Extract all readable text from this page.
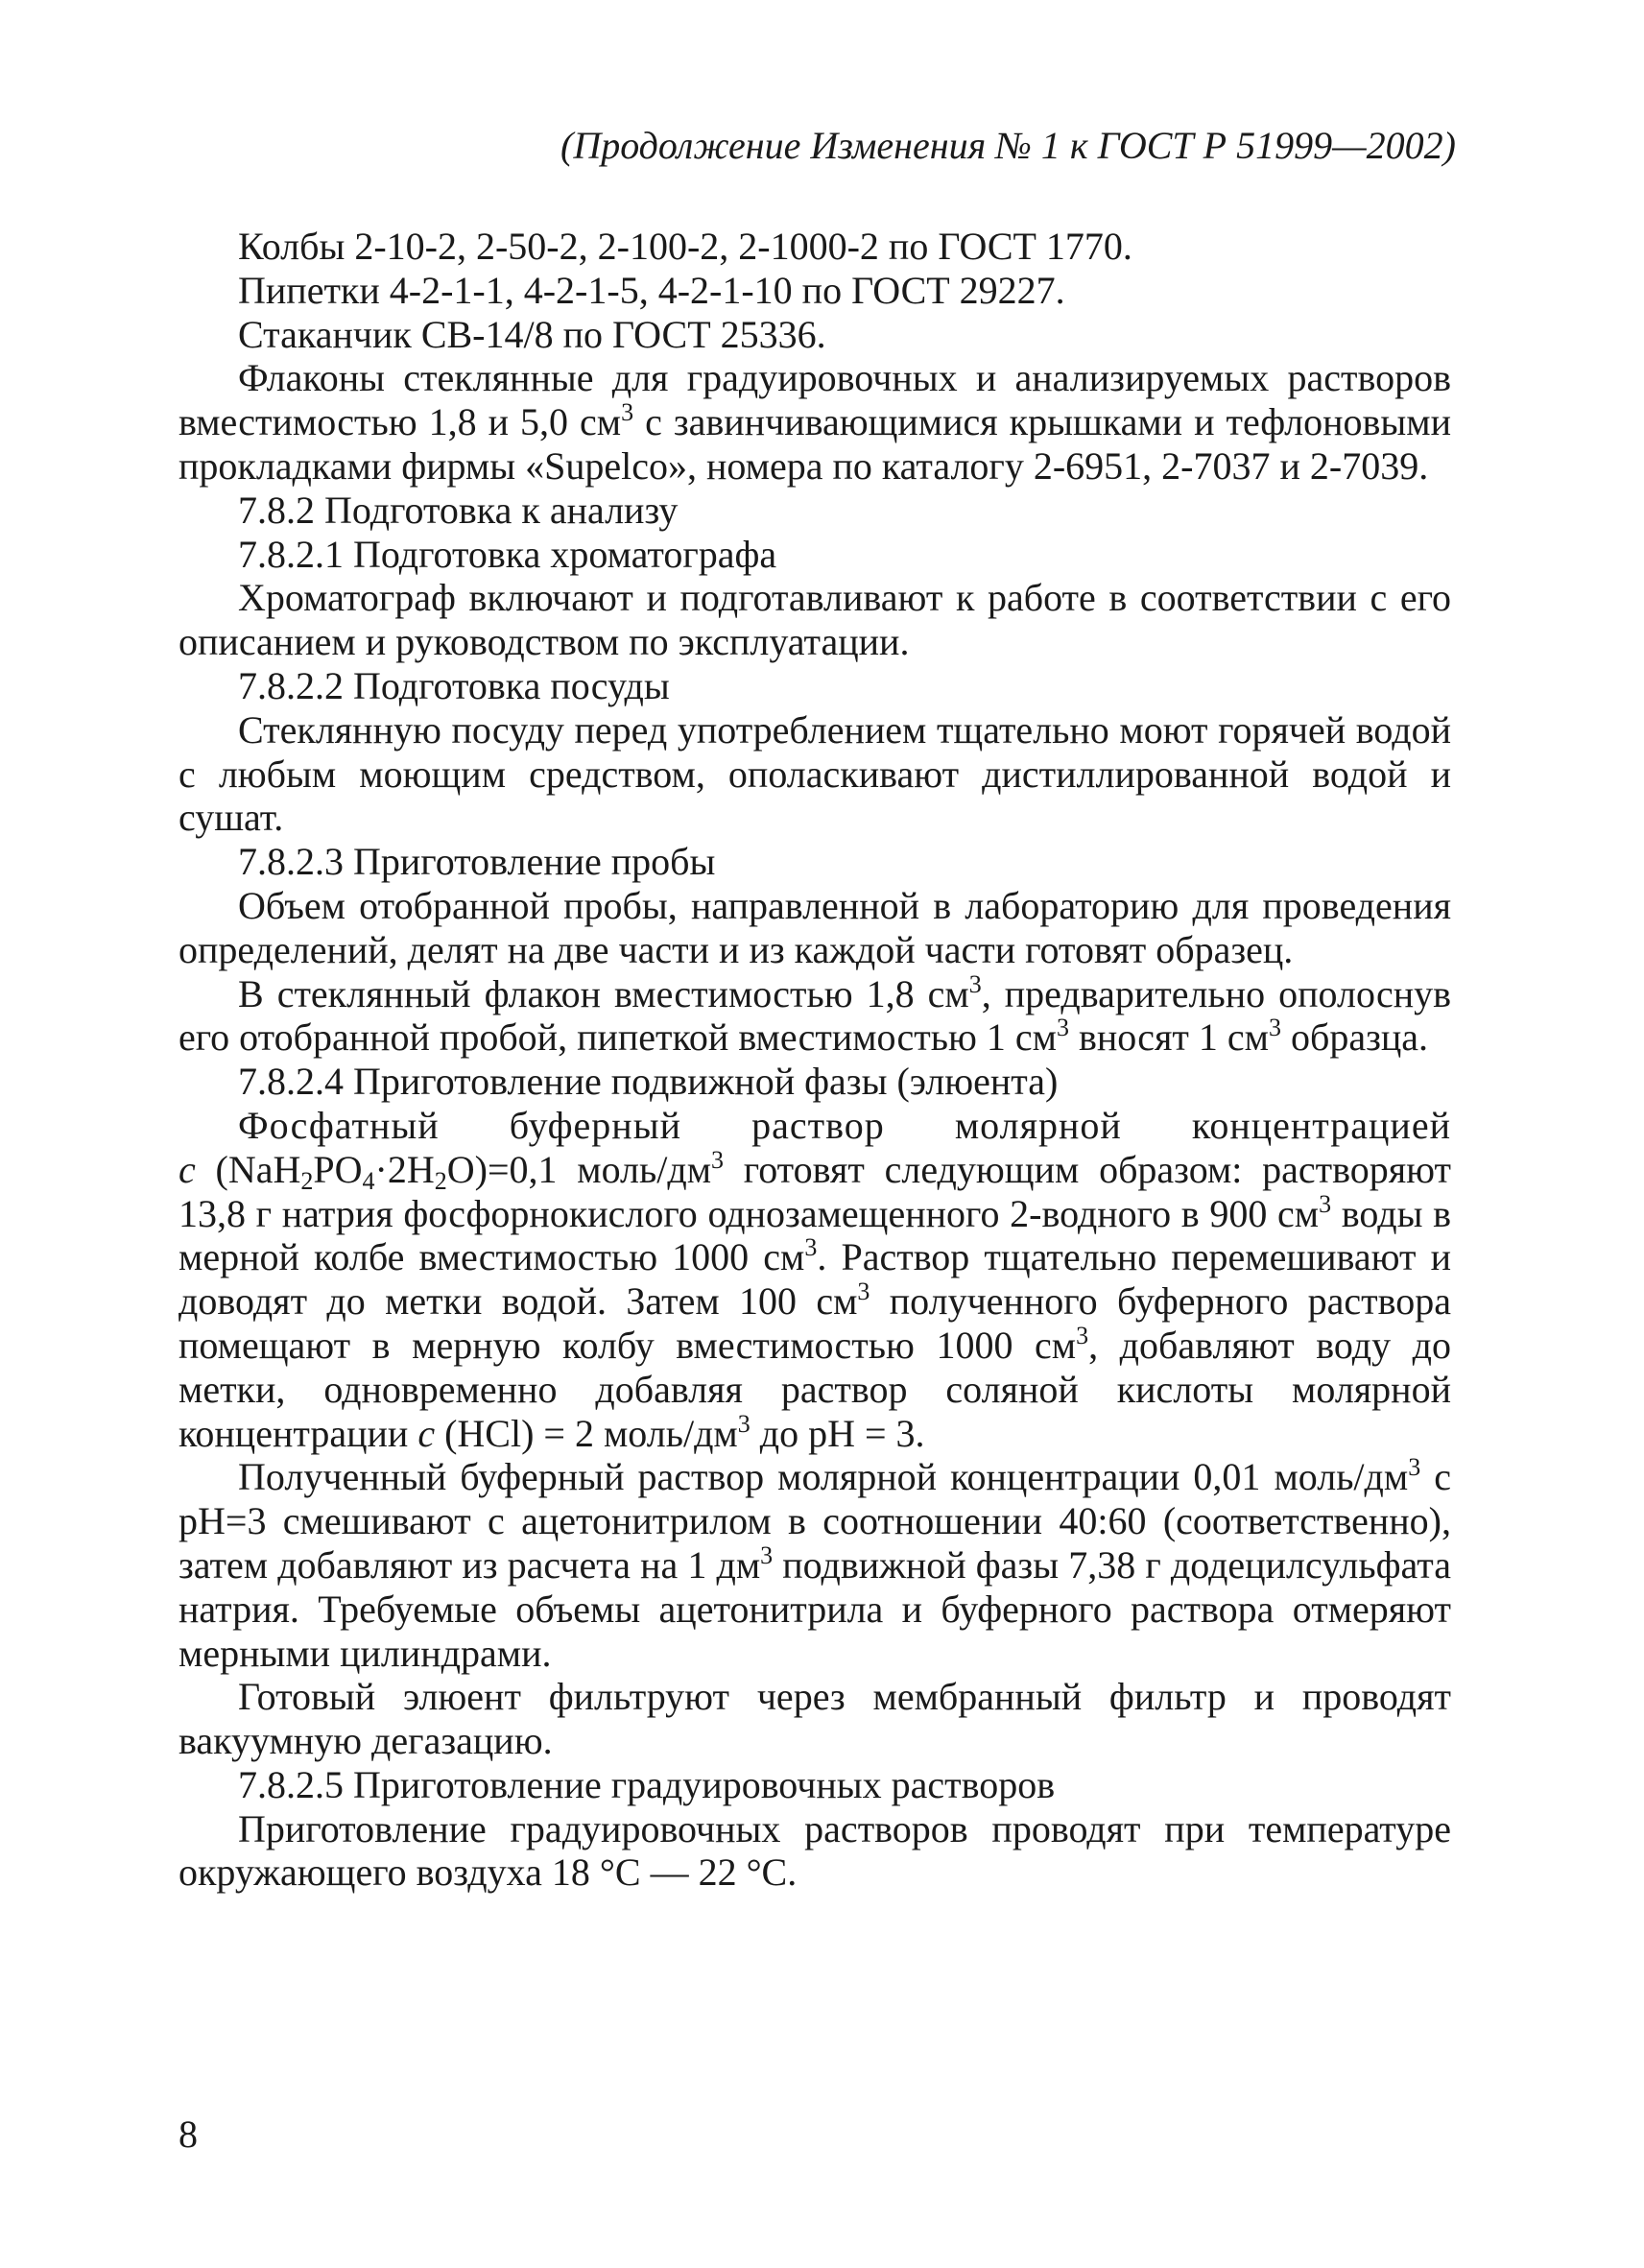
(Продолжение Изменения № 1 к ГОСТ Р 51999—2002)

Колбы 2-10-2, 2-50-2, 2-100-2, 2-1000-2 по ГОСТ 1770.

Пипетки 4-2-1-1, 4-2-1-5, 4-2-1-10 по ГОСТ 29227.

Стаканчик СВ-14/8 по ГОСТ 25336.

Флаконы стеклянные для градуировочных и анализируемых растворов вместимостью 1,8 и 5,0 $см^3$ с завинчивающимися крышками и тефлоновыми прокладками фирмы «Supelco», номера по каталогу 2-6951, 2-7037 и 2-7039.

7.8.2 Подготовка к анализу

7.8.2.1 Подготовка хроматографа

Хроматограф включают и подготавливают к работе в соответствии с его описанием и руководством по эксплуатации.

7.8.2.2 Подготовка посуды

Стеклянную посуду перед употреблением тщательно моют горячей водой с любым моющим средством, ополаскивают дистиллированной водой и сушат.

7.8.2.3 Приготовление пробы

Объем отобранной пробы, направленной в лабораторию для проведения определений, делят на две части и из каждой части готовят образец.

В стеклянный флакон вместимостью 1,8 $см^3$, предварительно ополоснув его отобранной пробой, пипеткой вместимостью 1 $см^3$ вносят 1 $см^3$ образца.

7.8.2.4 Приготовление подвижной фазы (элюента)

Фосфатный буферный раствор молярной концентрацией

c $(NaH_2PO_4\cdot 2H_2O)=0,1$ моль/$дм^3$ готовят следующим образом: растворяют 13,8 г натрия фосфорнокислого однозамещенного 2-водного в 900 $см^3$ воды в мерной колбе вместимостью 1000 $см^3$. Раствор тщательно перемешивают и доводят до метки водой. Затем 100 $см^3$ полученного буферного раствора помещают в мерную колбу вместимостью 1000 $см^3$, добавляют воду до метки, одновременно добавляя раствор соляной кислоты молярной концентрации c (HCl) = 2 моль/$дм^3$ до pH = 3.

Полученный буферный раствор молярной концентрации 0,01 моль/$дм^3$ с pH=3 смешивают с ацетонитрилом в соотношении 40:60 (соответственно), затем добавляют из расчета на 1 $дм^3$ подвижной фазы 7,38 г додецилсульфата натрия. Требуемые объемы ацетонитрила и буферного раствора отмеряют мерными цилиндрами.

Готовый элюент фильтруют через мембранный фильтр и проводят вакуумную дегазацию.

7.8.2.5 Приготовление градуировочных растворов

Приготовление градуировочных растворов проводят при температуре окружающего воздуха 18 °С — 22 °С.

8
